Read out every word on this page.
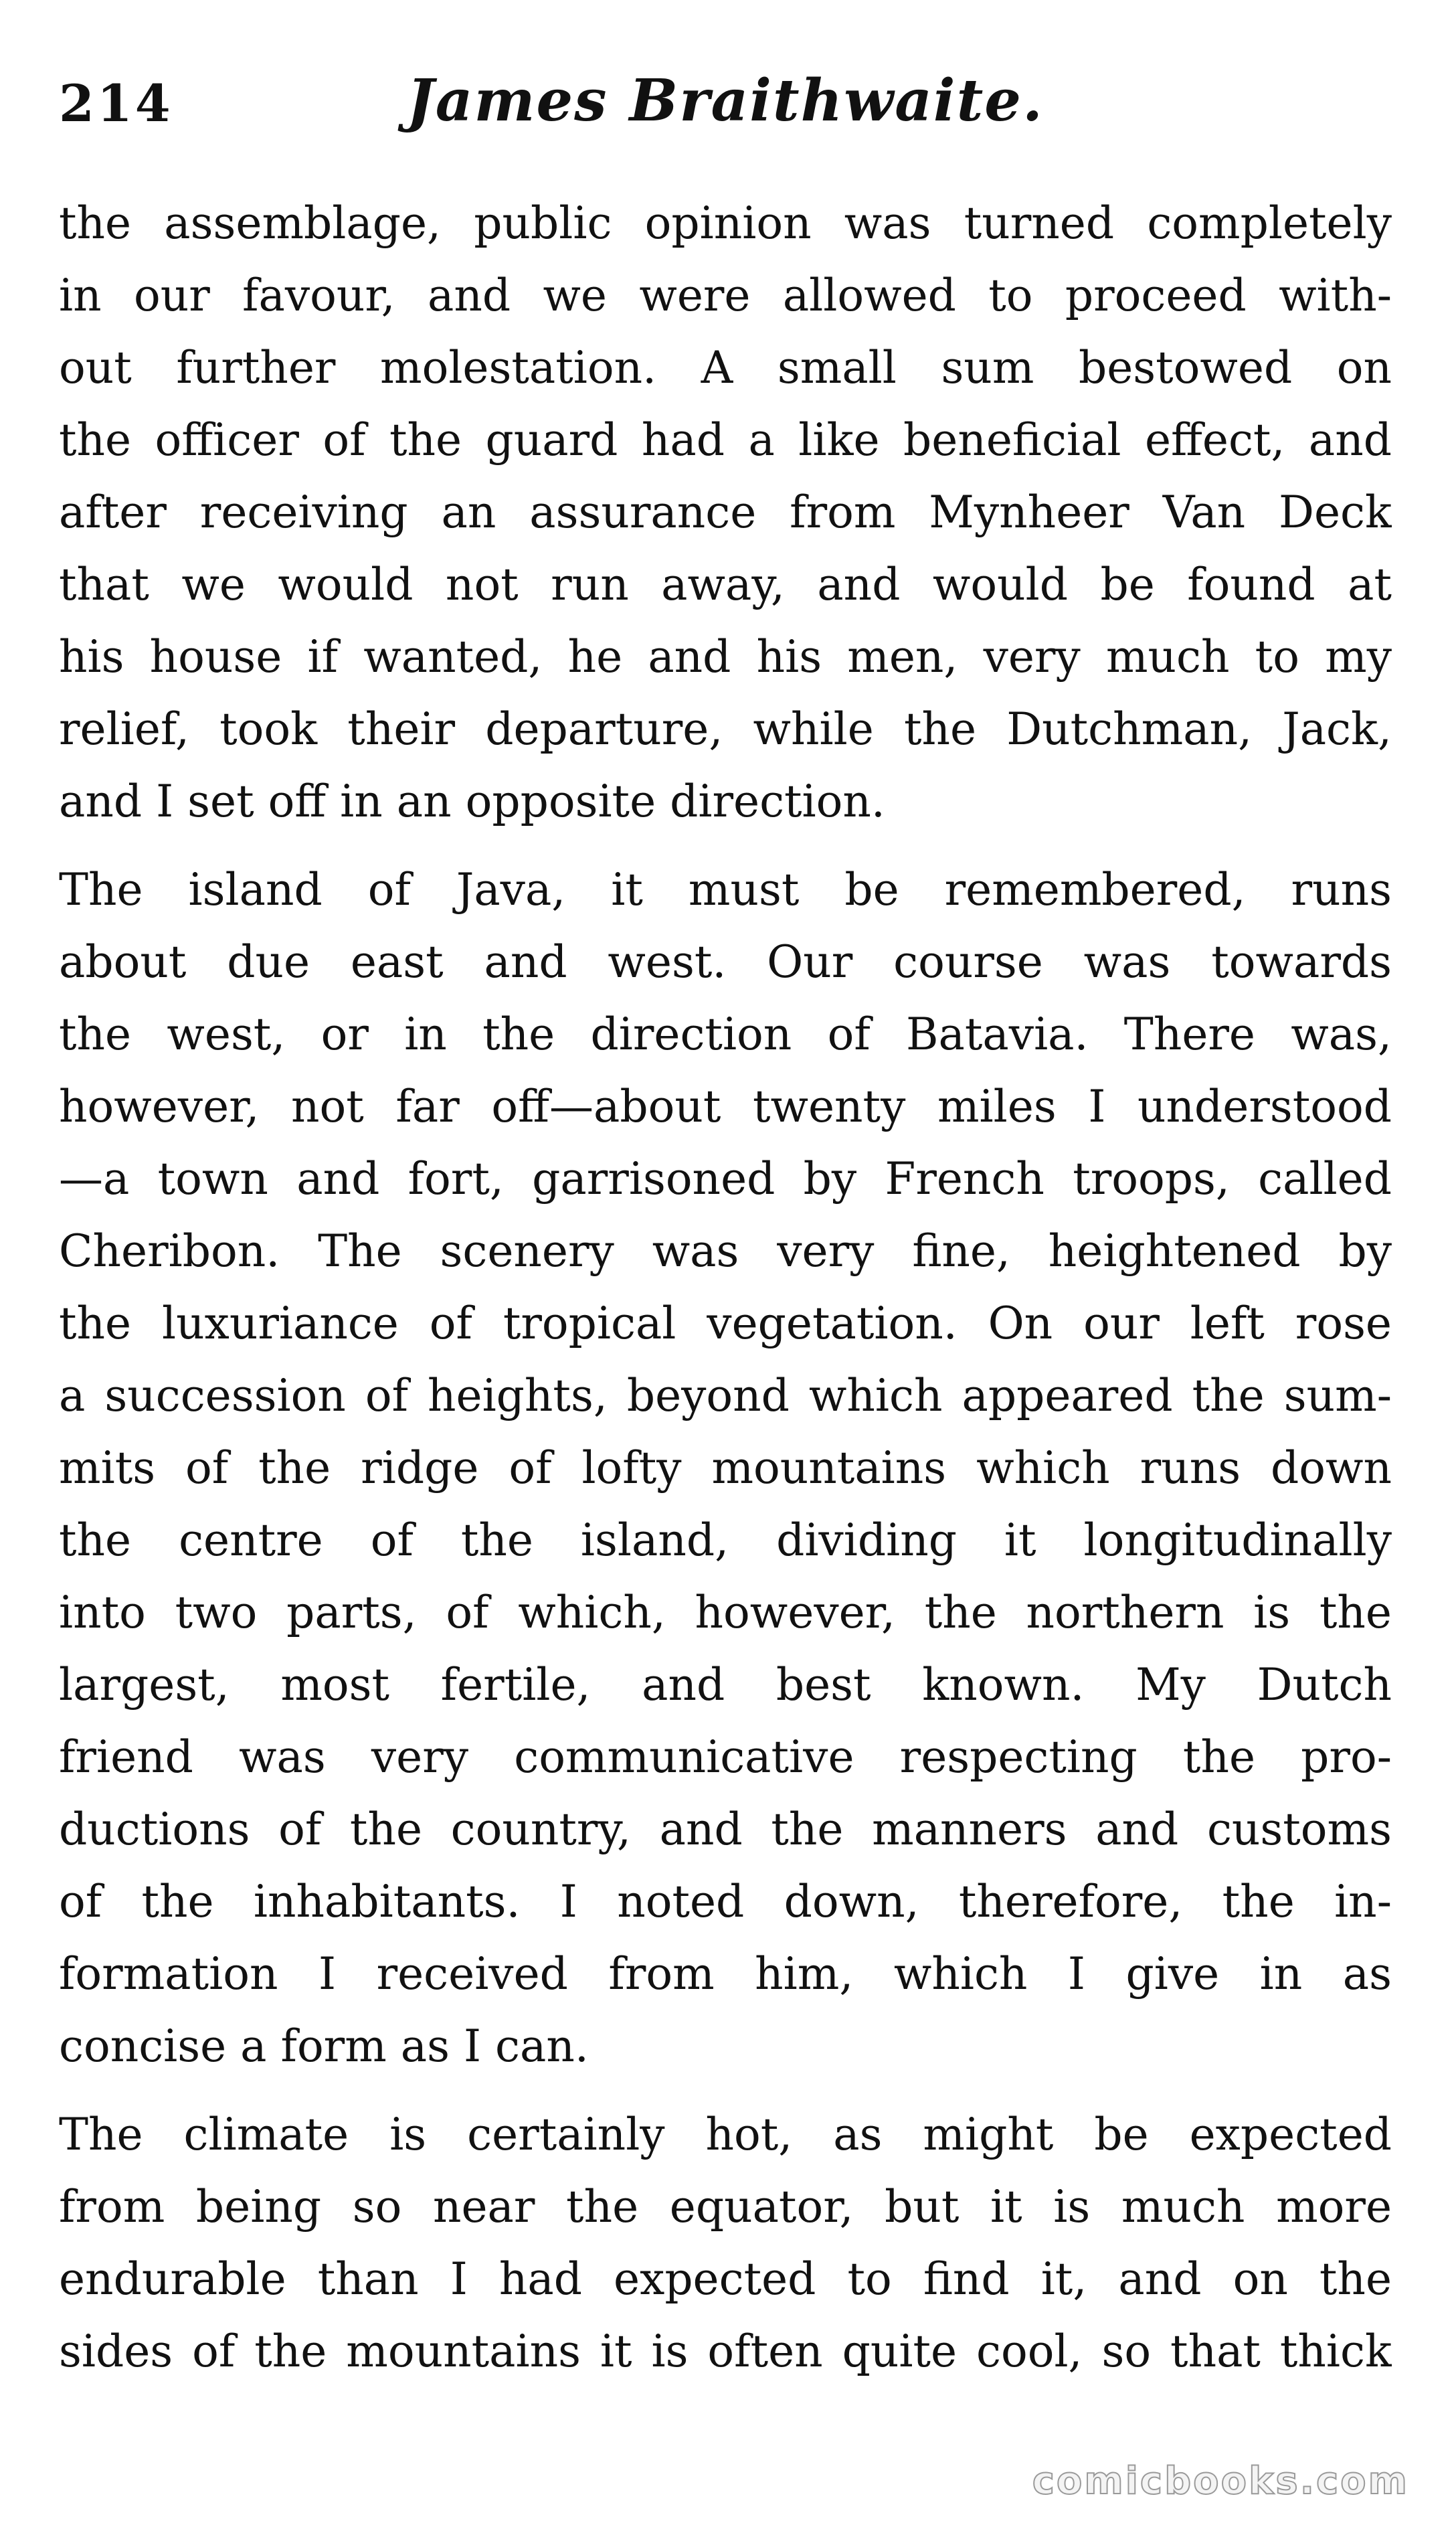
214	James Braithwaite.
the assemblage, public opinion was turned completely
in our favour, and we were allowed to proceed with-
out further molestation. A small sum bestowed on
the officer of the guard had a like beneficial effect, and
after receiving an assurance from Mynheer Van Deck
that we would not run away, and would be found at
his house if wanted, he and his men, very much to my
relief, took their departure, while the Dutchman, Jack,
and I set off in an opposite direction.
The island of Java, it must be remembered, runs
about due east and west. Our course was towards
the west, or in the direction of Batavia. There was,
however, not far off—about twenty miles I understood
—a town and fort, garrisoned by French troops, called
Cheribon. The scenery was very fine, heightened by
the luxuriance of tropical vegetation. On our left rose
a succession of heights, beyond which appeared the sum-
mits of the ridge of lofty mountains which runs down
the centre of the island, dividing it longitudinally
into two parts, of which, however, the northern is the
largest, most fertile, and best known. My Dutch
friend was very communicative respecting the pro-
ductions of the country, and the manners and customs
of the inhabitants. I noted down, therefore, the in-
formation I received from him, which I give in as
concise a form as I can.
The climate is certainly hot, as might be expected
from being so near the equator, but it is much more
endurable than I had expected to find it, and on the
sides of the mountains it is often quite cool, so that thick
comicbooks.com
